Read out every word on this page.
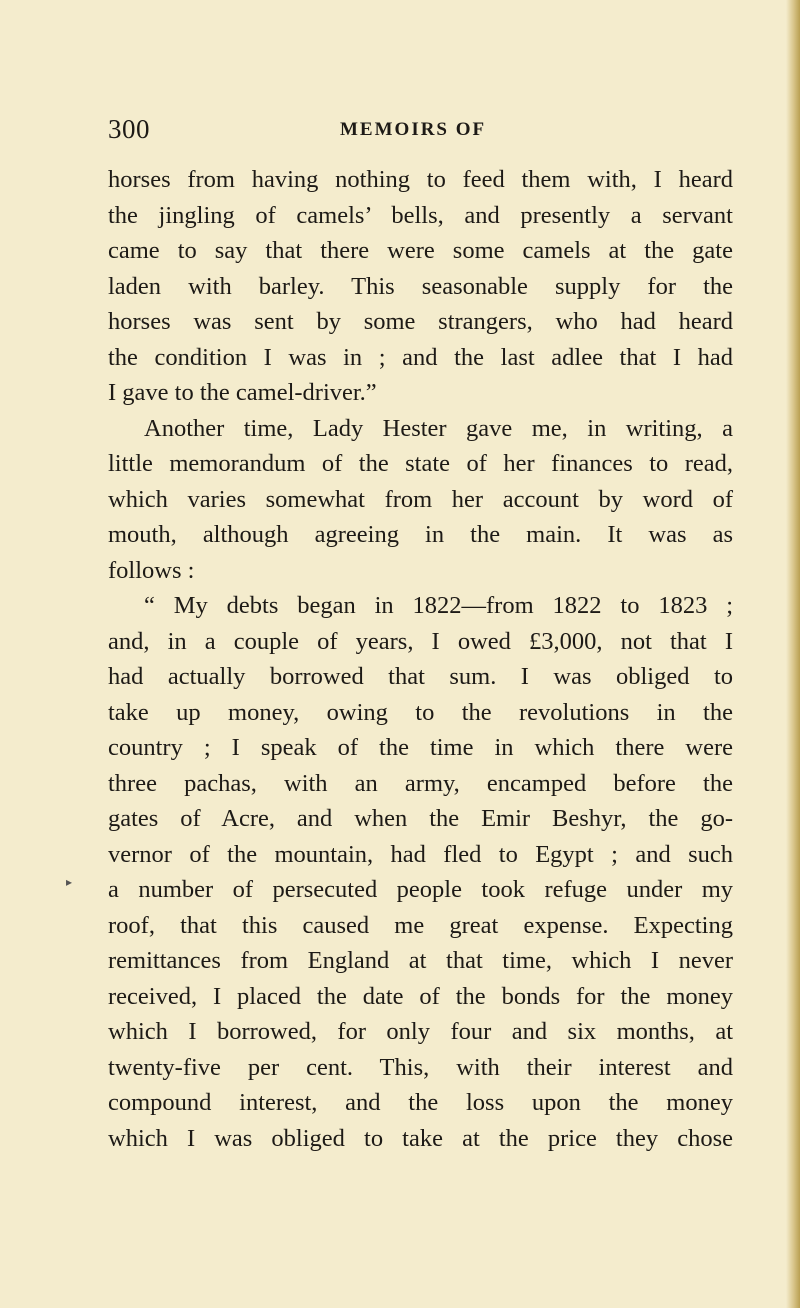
300	MEMOIRS OF
▸
horses from having nothing to feed them with, I heard
the jingling of camels’ bells, and presently a servant
came to say that there were some camels at the gate
laden with barley. This seasonable supply for the
horses was sent by some strangers, who had heard
the condition I was in ; and the last adlee that I had
I gave to the camel-driver.”
Another time, Lady Hester gave me, in writing, a
little memorandum of the state of her finances to read,
which varies somewhat from her account by word of
mouth, although agreeing in the main. It was as
follows :
“ My debts began in 1822—from 1822 to 1823 ;
and, in a couple of years, I owed £3,000, not that I
had actually borrowed that sum. I was obliged to
take up money, owing to the revolutions in the
country ; I speak of the time in which there were
three pachas, with an army, encamped before the
gates of Acre, and when the Emir Beshyr, the go-
vernor of the mountain, had fled to Egypt ; and such
a number of persecuted people took refuge under my
roof, that this caused me great expense. Expecting
remittances from England at that time, which I never
received, I placed the date of the bonds for the money
which I borrowed, for only four and six months, at
twenty-five per cent. This, with their interest and
compound interest, and the loss upon the money
which I was obliged to take at the price they chose
